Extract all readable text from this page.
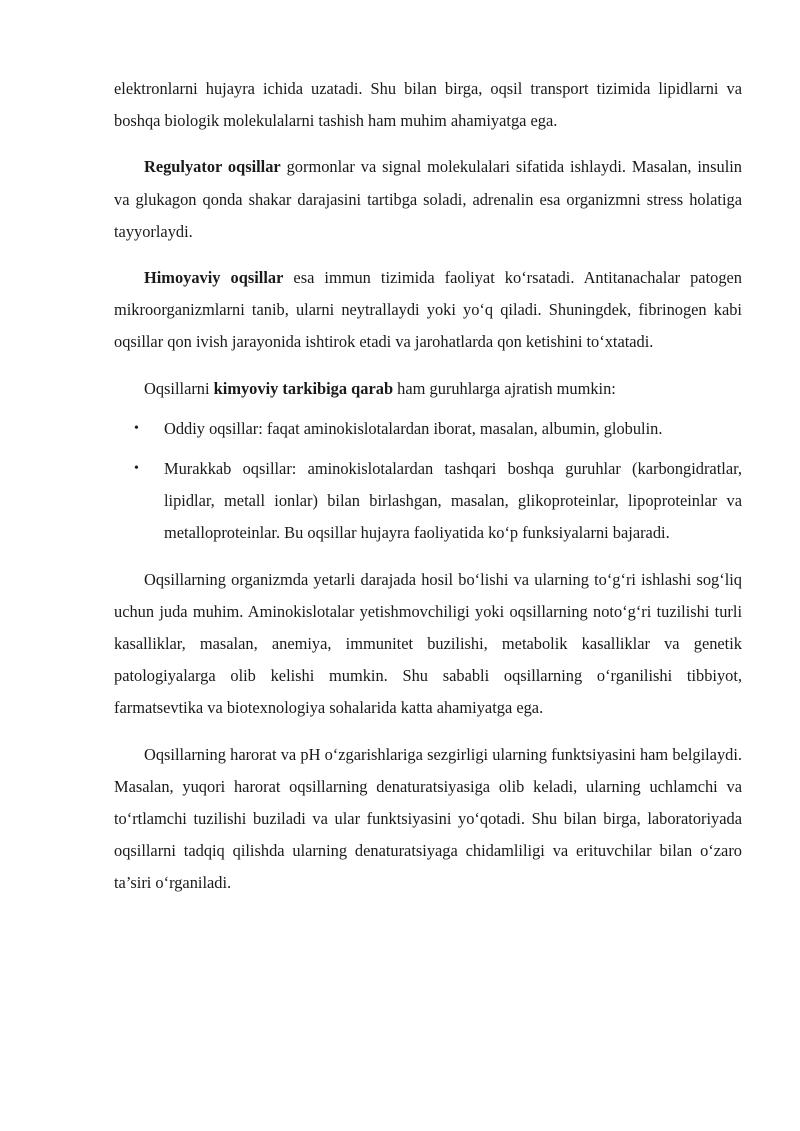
elektronlarni hujayra ichida uzatadi. Shu bilan birga, oqsil transport tizimida lipidlarni va boshqa biologik molekulalarni tashish ham muhim ahamiyatga ega.

Regulyator oqsillar gormonlar va signal molekulalari sifatida ishlaydi. Masalan, insulin va glukagon qonda shakar darajasini tartibga soladi, adrenalin esa organizmni stress holatiga tayyorlaydi.

Himoyaviy oqsillar esa immun tizimida faoliyat ko‘rsatadi. Antitanachalar patogen mikroorganizmlarni tanib, ularni neytrallaydi yoki yo‘q qiladi. Shuningdek, fibrinogen kabi oqsillar qon ivish jarayonida ishtirok etadi va jarohatlarda qon ketishini to‘xtatadi.

Oqsillarni kimyoviy tarkibiga qarab ham guruhlarga ajratish mumkin:

• Oddiy oqsillar: faqat aminokislotalardan iborat, masalan, albumin, globulin.
• Murakkab oqsillar: aminokislotalardan tashqari boshqa guruhlar (karbongidratlar, lipidlar, metall ionlar) bilan birlashgan, masalan, glikoproteinlar, lipoproteinlar va metalloproteinlar. Bu oqsillar hujayra faoliyatida ko‘p funksiyalarni bajaradi.

Oqsillarning organizmda yetarli darajada hosil bo‘lishi va ularning to‘g‘ri ishlashi sog‘liq uchun juda muhim. Aminokislotalar yetishmovchiligi yoki oqsillarning noto‘g‘ri tuzilishi turli kasalliklar, masalan, anemiya, immunitet buzilishi, metabolik kasalliklar va genetik patologiyalarga olib kelishi mumkin. Shu sababli oqsillarning o‘rganilishi tibbiyot, farmatsevtika va biotexnologiya sohalarida katta ahamiyatga ega.

Oqsillarning harorat va pH o‘zgarishlariga sezgirligi ularning funktsiyasini ham belgilaydi. Masalan, yuqori harorat oqsillarning denaturatsiyasiga olib keladi, ularning uchlamchi va to‘rtlamchi tuzilishi buziladi va ular funktsiyasini yo‘qotadi. Shu bilan birga, laboratoriyada oqsillarni tadqiq qilishda ularning denaturatsiyaga chidamliligi va erituvchilar bilan o‘zaro ta’siri o‘rganiladi.
